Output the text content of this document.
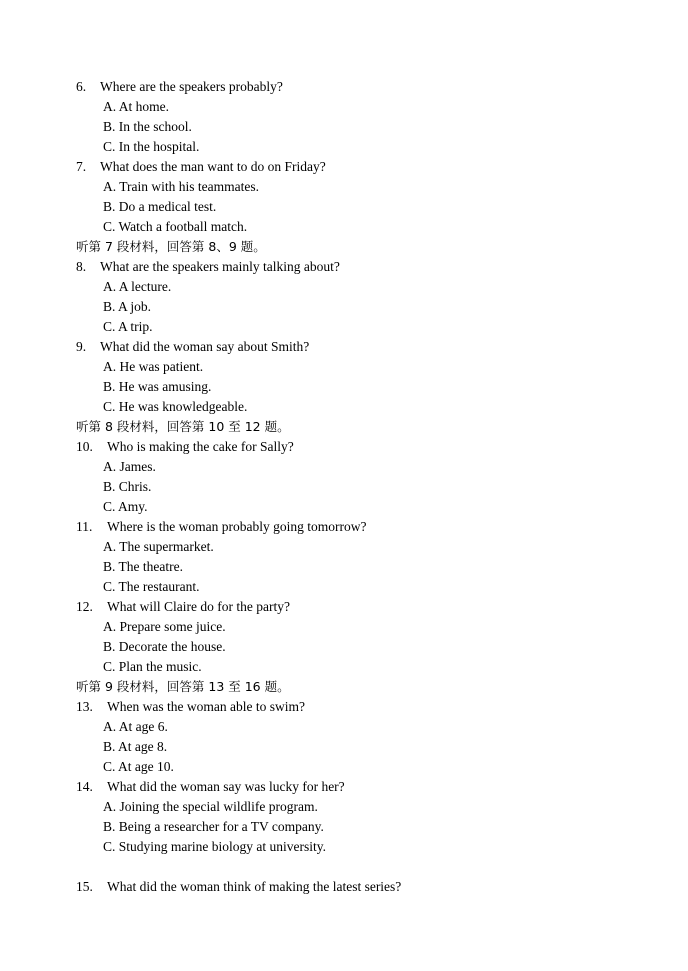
6. Where are the speakers probably?
A. At home.
B. In the school.
C. In the hospital.
7. What does the man want to do on Friday?
A. Train with his teammates.
B. Do a medical test.
C. Watch a football match.
听第 7 段材料，回答第 8、9 题。
8. What are the speakers mainly talking about?
A. A lecture.
B. A job.
C. A trip.
9. What did the woman say about Smith?
A. He was patient.
B. He was amusing.
C. He was knowledgeable.
听第 8 段材料，回答第 10 至 12 题。
10. Who is making the cake for Sally?
A. James.
B. Chris.
C. Amy.
11. Where is the woman probably going tomorrow?
A. The supermarket.
B. The theatre.
C. The restaurant.
12. What will Claire do for the party?
A. Prepare some juice.
B. Decorate the house.
C. Plan the music.
听第 9 段材料，回答第 13 至 16 题。
13. When was the woman able to swim?
A. At age 6.
B. At age 8.
C. At age 10.
14. What did the woman say was lucky for her?
A. Joining the special wildlife program.
B. Being a researcher for a TV company.
C. Studying marine biology at university.
15. What did the woman think of making the latest series?
